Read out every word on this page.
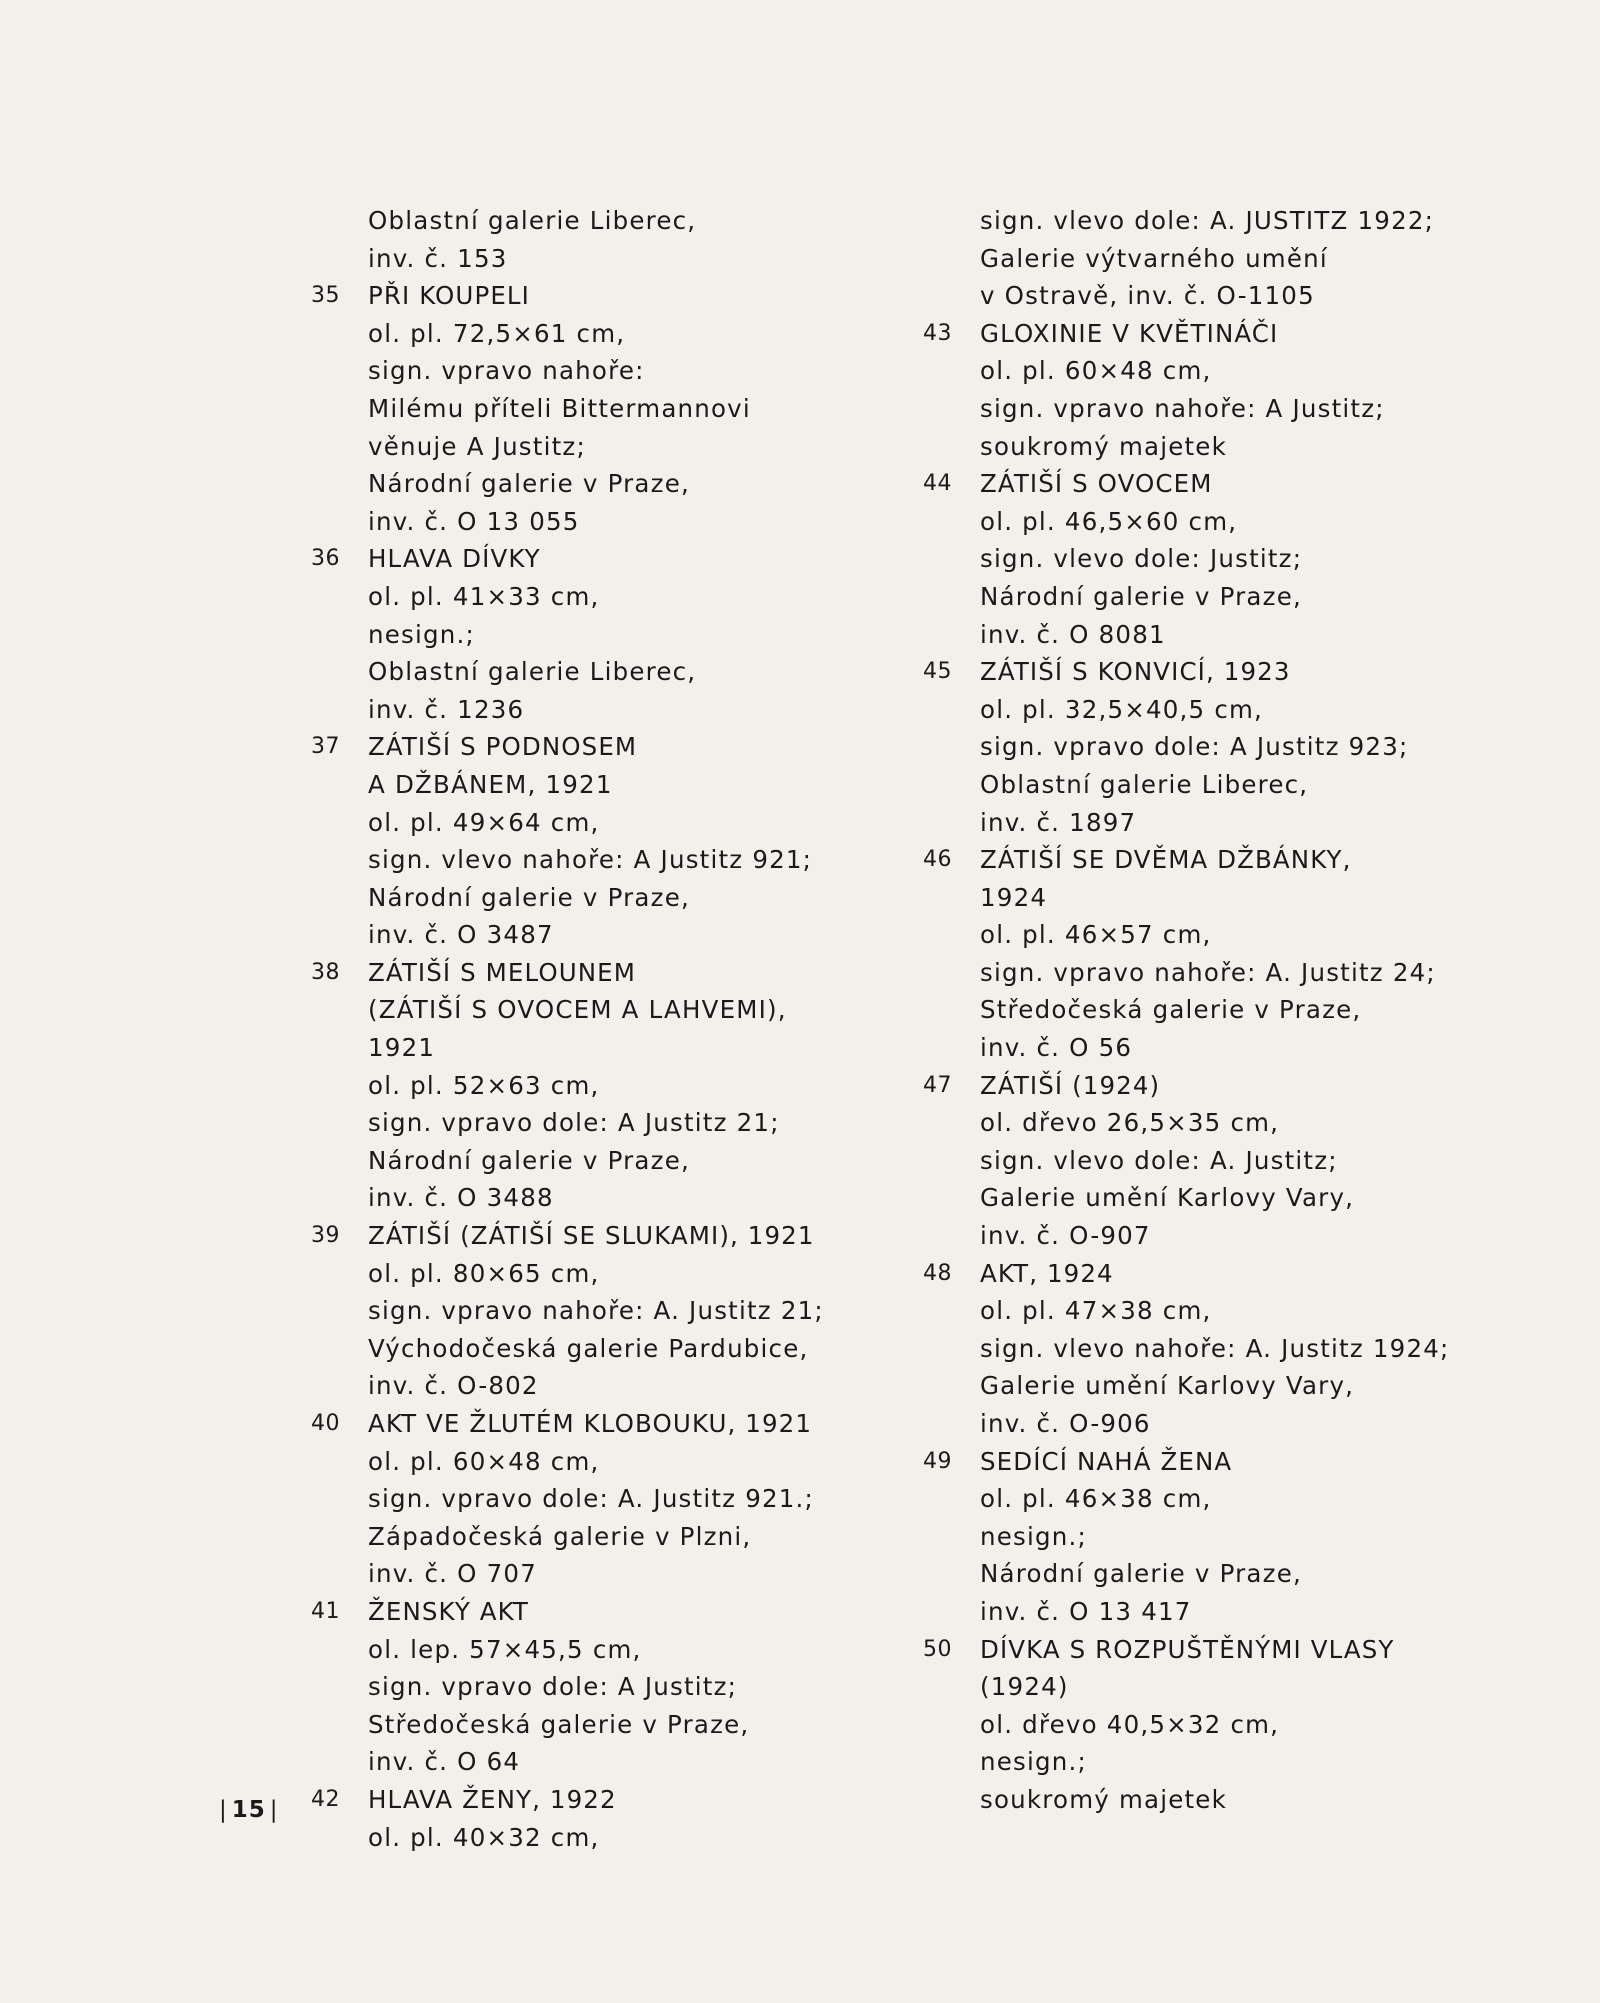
Oblastní galerie Liberec,
inv. č. 153
35 PŘI KOUPELI
ol. pl. 72,5×61 cm,
sign. vpravo nahoře:
Milému příteli Bittermannovi
věnuje A Justitz;
Národní galerie v Praze,
inv. č. O 13 055
36 HLAVA DÍVKY
ol. pl. 41×33 cm,
nesign.;
Oblastní galerie Liberec,
inv. č. 1236
37 ZÁTIŠÍ S PODNOSEM
A DŽBÁNEM, 1921
ol. pl. 49×64 cm,
sign. vlevo nahoře: A Justitz 921;
Národní galerie v Praze,
inv. č. O 3487
38 ZÁTIŠÍ S MELOUNEM
(ZÁTIŠÍ S OVOCEM A LAHVEMI),
1921
ol. pl. 52×63 cm,
sign. vpravo dole: A Justitz 21;
Národní galerie v Praze,
inv. č. O 3488
39 ZÁTIŠÍ (ZÁTIŠÍ SE SLUKAMI), 1921
ol. pl. 80×65 cm,
sign. vpravo nahoře: A. Justitz 21;
Východočeská galerie Pardubice,
inv. č. O-802
40 AKT VE ŽLUTÉM KLOBOUKU, 1921
ol. pl. 60×48 cm,
sign. vpravo dole: A. Justitz 921.;
Západočeská galerie v Plzni,
inv. č. O 707
41 ŽENSKÝ AKT
ol. lep. 57×45,5 cm,
sign. vpravo dole: A Justitz;
Středočeská galerie v Praze,
inv. č. O 64
42 HLAVA ŽENY, 1922
ol. pl. 40×32 cm,
sign. vlevo dole: A. JUSTITZ 1922;
Galerie výtvarného umění
v Ostravě, inv. č. O-1105
43 GLOXINIE V KVĚTINÁČI
ol. pl. 60×48 cm,
sign. vpravo nahoře: A Justitz;
soukromý majetek
44 ZÁTIŠÍ S OVOCEM
ol. pl. 46,5×60 cm,
sign. vlevo dole: Justitz;
Národní galerie v Praze,
inv. č. O 8081
45 ZÁTIŠÍ S KONVICÍ, 1923
ol. pl. 32,5×40,5 cm,
sign. vpravo dole: A Justitz 923;
Oblastní galerie Liberec,
inv. č. 1897
46 ZÁTIŠÍ SE DVĚMA DŽBÁNKY,
1924
ol. pl. 46×57 cm,
sign. vpravo nahoře: A. Justitz 24;
Středočeská galerie v Praze,
inv. č. O 56
47 ZÁTIŠÍ (1924)
ol. dřevo 26,5×35 cm,
sign. vlevo dole: A. Justitz;
Galerie umění Karlovy Vary,
inv. č. O-907
48 AKT, 1924
ol. pl. 47×38 cm,
sign. vlevo nahoře: A. Justitz 1924;
Galerie umění Karlovy Vary,
inv. č. O-906
49 SEDÍCÍ NAHÁ ŽENA
ol. pl. 46×38 cm,
nesign.;
Národní galerie v Praze,
inv. č. O 13 417
50 DÍVKA S ROZPUŠTĚNÝMI VLASY
(1924)
ol. dřevo 40,5×32 cm,
nesign.;
soukromý majetek
| 15 |
